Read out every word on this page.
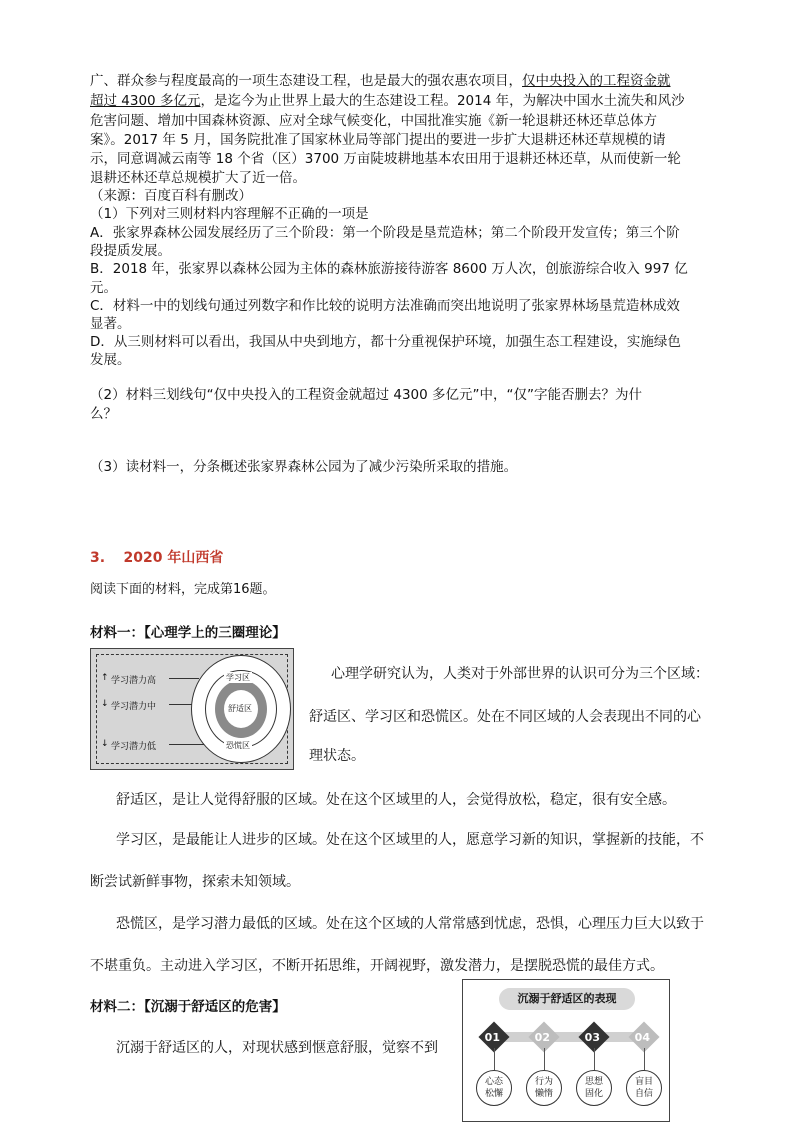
广、群众参与程度最高的一项生态建设工程，也是最大的强农惠农项目，仅中央投入的工程资金就
超过 4300 多亿元，是迄今为止世界上最大的生态建设工程。2014 年，为解决中国水土流失和风沙
危害问题、增加中国森林资源、应对全球气候变化，中国批准实施《新一轮退耕还林还草总体方
案》。2017 年 5 月，国务院批准了国家林业局等部门提出的要进一步扩大退耕还林还草规模的请
示，同意调减云南等 18 个省（区）3700 万亩陡坡耕地基本农田用于退耕还林还草，从而使新一轮
退耕还林还草总规模扩大了近一倍。
（来源：百度百科有删改）
（1）下列对三则材料内容理解不正确的一项是
A．张家界森林公园发展经历了三个阶段：第一个阶段是垦荒造林；第二个阶段开发宣传；第三个阶
段提质发展。
B．2018 年，张家界以森林公园为主体的森林旅游接待游客 8600 万人次，创旅游综合收入 997 亿
元。
C．材料一中的划线句通过列数字和作比较的说明方法准确而突出地说明了张家界林场垦荒造林成效
显著。
D．从三则材料可以看出，我国从中央到地方，都十分重视保护环境，加强生态工程建设，实施绿色
发展。
（2）材料三划线句“仅中央投入的工程资金就超过 4300 多亿元”中，“仅”字能否删去？为什
么？
（3）读材料一，分条概述张家界森林公园为了减少污染所采取的措施。
3. 2020 年山西省
阅读下面的材料，完成第16题。
材料一：【心理学上的三圈理论】
↑ 学习潜力高
↓ 学习潜力中
↓ 学习潜力低
学习区
舒适区
恐慌区
心理学研究认为，人类对于外部世界的认识可分为三个区域：
舒适区、学习区和恐慌区。处在不同区域的人会表现出不同的心
理状态。
舒适区，是让人觉得舒服的区域。处在这个区域里的人，会觉得放松，稳定，很有安全感。
学习区，是最能让人进步的区域。处在这个区域里的人，愿意学习新的知识，掌握新的技能，不
断尝试新鲜事物，探索未知领域。
恐慌区，是学习潜力最低的区域。处在这个区域的人常常感到忧虑，恐惧，心理压力巨大以致于
不堪重负。主动进入学习区，不断开拓思维，开阔视野，激发潜力，是摆脱恐慌的最佳方式。
材料二：【沉溺于舒适区的危害】
沉溺于舒适区的人，对现状感到惬意舒服，觉察不到
沉溺于舒适区的表现
01	02	03	04
心态
松懈
行为
懒惰
思想
固化
盲目
自信
